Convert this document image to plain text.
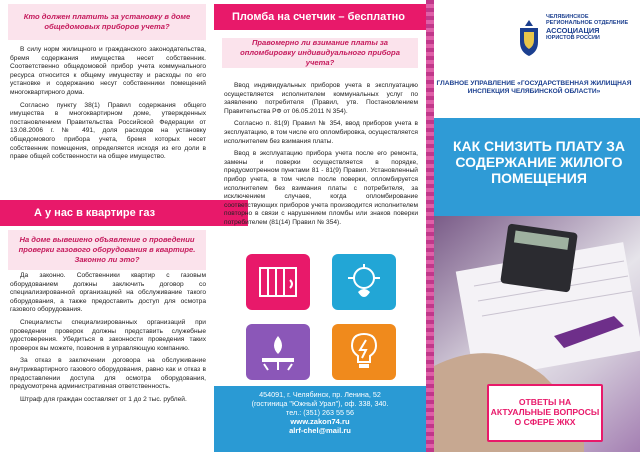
Кто должен платить за установку в доме общедомовых приборов учета?

В силу норм жилищного и гражданского законодательства, бремя содержания имущества несет собственник. Соответственно общедомовой прибор учета коммунального ресурса относится к общему имуществу и расходы по его установке и содержанию несут собственники помещений многоквартирного дома.

Согласно пункту 38(1) Правил содержания общего имущества в многоквартирном доме, утвержденных постановлением Правительства Российской Федерации от 13.08.2006 г. № 491, доля расходов на установку общедомового прибора учета, бремя которых несет собственник помещения, определяется исходя из его доли в праве общей собственности на общее имущество.

А у нас в квартире газ
На доме вывешено объявление о проведении проверки газового оборудования в квартире. Законно ли это?

Да законно. Собственники квартир с газовым оборудованием должны заключить договор со специализированной организацией на обслуживание такого оборудования, а также предоставить доступ для осмотра газового оборудования.

Специалисты специализированных организаций при проведении проверок должны представить служебные удостоверения. Убедиться в законности проведения таких проверок вы можете, позвонив в управляющую компанию.

За отказ в заключении договора на обслуживание внутриквартирного газового оборудования, равно как и отказ в предоставлении доступа для осмотра оборудования, предусмотрена административная ответственность.

Штраф для граждан составляет от 1 до 2 тыс. рублей.

Пломба на счетчик – бесплатно
Правомерно ли взимание платы за опломбировку индивидуального прибора учета?

Ввод индивидуальных приборов учета в эксплуатацию осуществляется исполнителем коммунальных услуг по заявлению потребителя (Правил, утв. Постановлением Правительства РФ от 06.05.2011 N 354).

Согласно п. 81(9) Правил № 354, ввод приборов учета в эксплуатацию, в том числе его опломбировка, осуществляется исполнителем без взимания платы.

Ввод в эксплуатацию прибора учета после его ремонта, замены и поверки осуществляется в порядке, предусмотренном пунктами 81 - 81(9) Правил. Установленный прибор учета, в том числе после поверки, опломбируется исполнителем без взимания платы с потребителя, за исключением случаев, когда опломбирование соответствующих приборов учета производится исполнителем повторно в связи с нарушением пломбы или знаков поверки потребителем (81(14) Правил № 354).

454091, г. Челябинск, пр. Ленина, 52
(гостиница "Южный Урал"), оф. 338, 340.
тел.: (351) 263 55 56
www.zakon74.ru
alrf-chel@mail.ru
ЧЕЛЯБИНСКОЕ РЕГИОНАЛЬНОЕ ОТДЕЛЕНИЕ
АССОЦИАЦИЯ
ЮРИСТОВ РОССИИ
ГЛАВНОЕ УПРАВЛЕНИЕ «ГОСУДАРСТВЕННАЯ ЖИЛИЩНАЯ ИНСПЕКЦИЯ ЧЕЛЯБИНСКОЙ ОБЛАСТИ»
КАК СНИЗИТЬ ПЛАТУ ЗА СОДЕРЖАНИЕ ЖИЛОГО ПОМЕЩЕНИЯ
ОТВЕТЫ НА АКТУАЛЬНЫЕ ВОПРОСЫ О СФЕРЕ ЖКХ
